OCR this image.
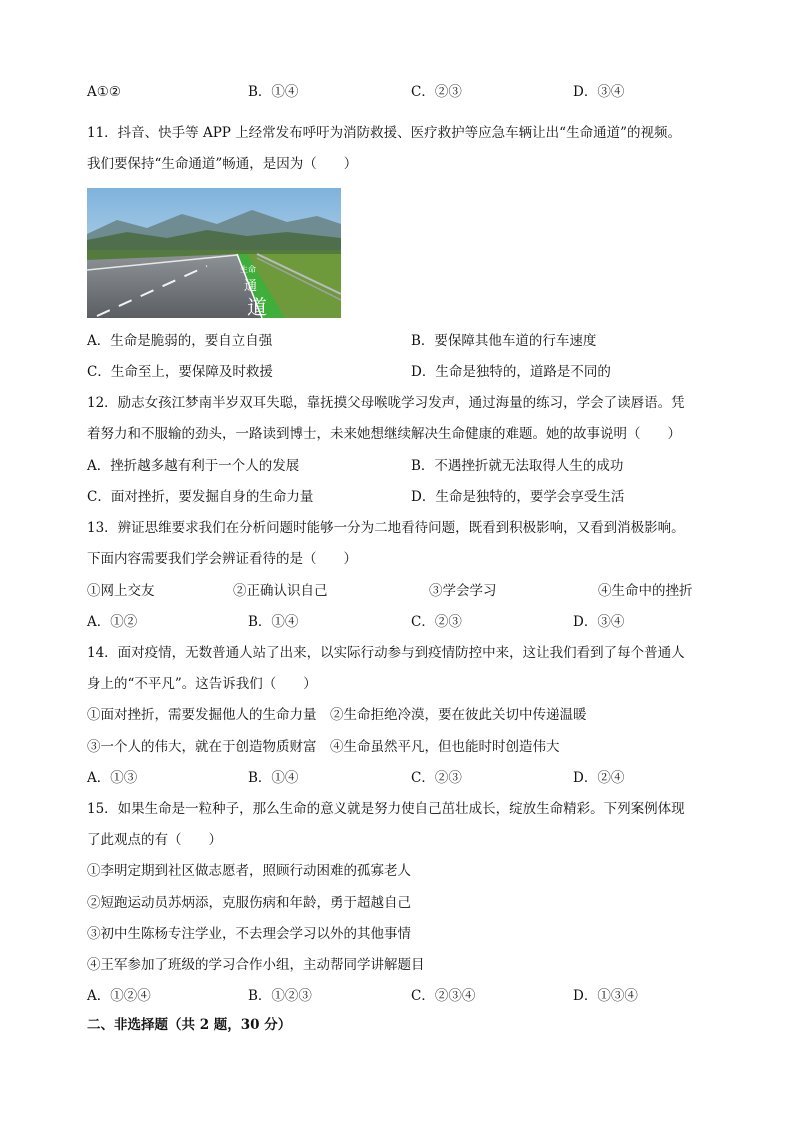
A①②	B．①④	C．②③	D．③④
11．抖音、快手等 APP 上经常发布呼吁为消防救援、医疗救护等应急车辆让出“生命通道”的视频。
我们要保持“生命通道”畅通，是因为（　　）
生命
通
道
A．生命是脆弱的，要自立自强	B．要保障其他车道的行车速度
C．生命至上，要保障及时救援	D．生命是独特的，道路是不同的
12．励志女孩江梦南半岁双耳失聪，靠抚摸父母喉咙学习发声，通过海量的练习，学会了读唇语。凭
着努力和不服输的劲头，一路读到博士，未来她想继续解决生命健康的难题。她的故事说明（　　）
A．挫折越多越有利于一个人的发展	B．不遇挫折就无法取得人生的成功
C．面对挫折，要发掘自身的生命力量	D．生命是独特的，要学会享受生活
13．辨证思维要求我们在分析问题时能够一分为二地看待问题，既看到积极影响，又看到消极影响。
下面内容需要我们学会辨证看待的是（　　）
①网上交友	②正确认识自己	③学会学习	④生命中的挫折
A．①②	B．①④	C．②③	D．③④
14．面对疫情，无数普通人站了出来，以实际行动参与到疫情防控中来，这让我们看到了每个普通人
身上的“不平凡”。这告诉我们（　　）
①面对挫折，需要发掘他人的生命力量　②生命拒绝冷漠，要在彼此关切中传递温暖
③一个人的伟大，就在于创造物质财富　④生命虽然平凡，但也能时时创造伟大
A．①③	B．①④	C．②③	D．②④
15．如果生命是一粒种子，那么生命的意义就是努力使自己茁壮成长，绽放生命精彩。下列案例体现
了此观点的有（　　）
①李明定期到社区做志愿者，照顾行动困难的孤寡老人
②短跑运动员苏炳添，克服伤病和年龄，勇于超越自己
③初中生陈杨专注学业，不去理会学习以外的其他事情
④王军参加了班级的学习合作小组，主动帮同学讲解题目
A．①②④	B．①②③	C．②③④	D．①③④
二、非选择题（共 2 题，30 分）
